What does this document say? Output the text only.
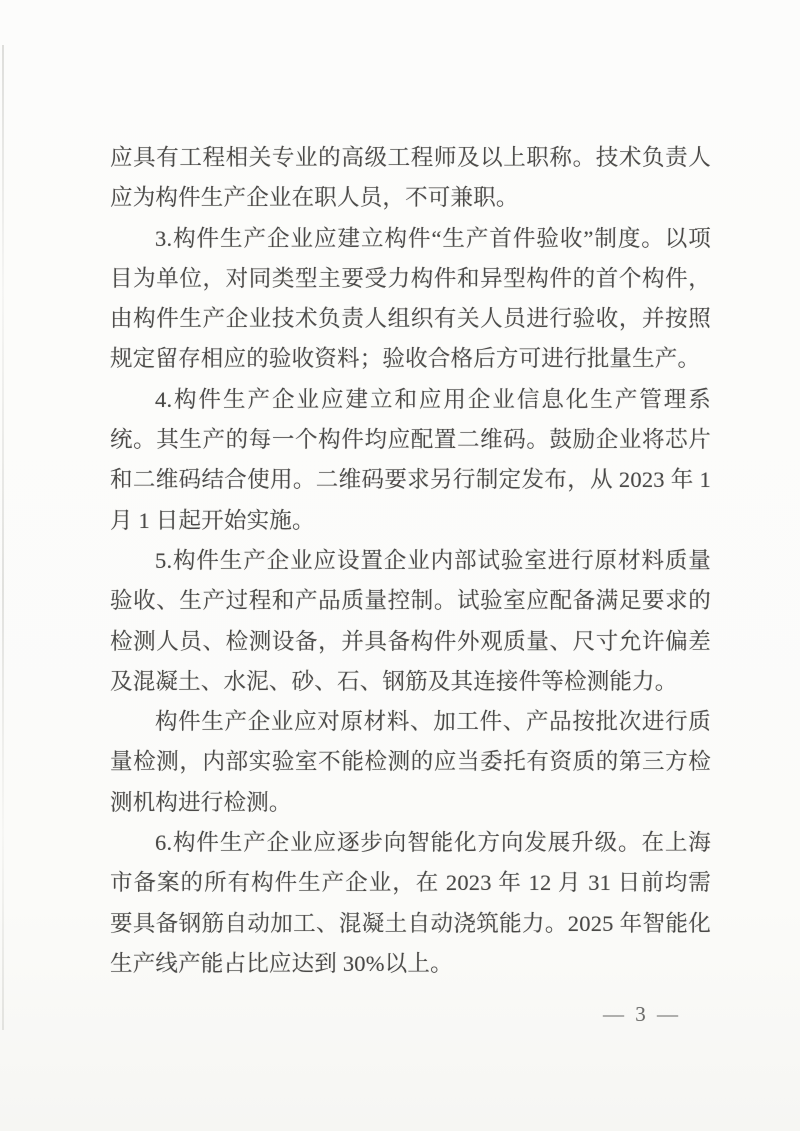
应具有工程相关专业的高级工程师及以上职称。技术负责人应为构件生产企业在职人员，不可兼职。

3.构件生产企业应建立构件“生产首件验收”制度。以项目为单位，对同类型主要受力构件和异型构件的首个构件，由构件生产企业技术负责人组织有关人员进行验收，并按照规定留存相应的验收资料；验收合格后方可进行批量生产。

4.构件生产企业应建立和应用企业信息化生产管理系统。其生产的每一个构件均应配置二维码。鼓励企业将芯片和二维码结合使用。二维码要求另行制定发布，从 2023 年 1 月 1 日起开始实施。

5.构件生产企业应设置企业内部试验室进行原材料质量验收、生产过程和产品质量控制。试验室应配备满足要求的检测人员、检测设备，并具备构件外观质量、尺寸允许偏差及混凝土、水泥、砂、石、钢筋及其连接件等检测能力。

构件生产企业应对原材料、加工件、产品按批次进行质量检测，内部实验室不能检测的应当委托有资质的第三方检测机构进行检测。

6.构件生产企业应逐步向智能化方向发展升级。在上海市备案的所有构件生产企业，在 2023 年 12 月 31 日前均需要具备钢筋自动加工、混凝土自动浇筑能力。2025 年智能化生产线产能占比应达到 30%以上。

— 3 —
